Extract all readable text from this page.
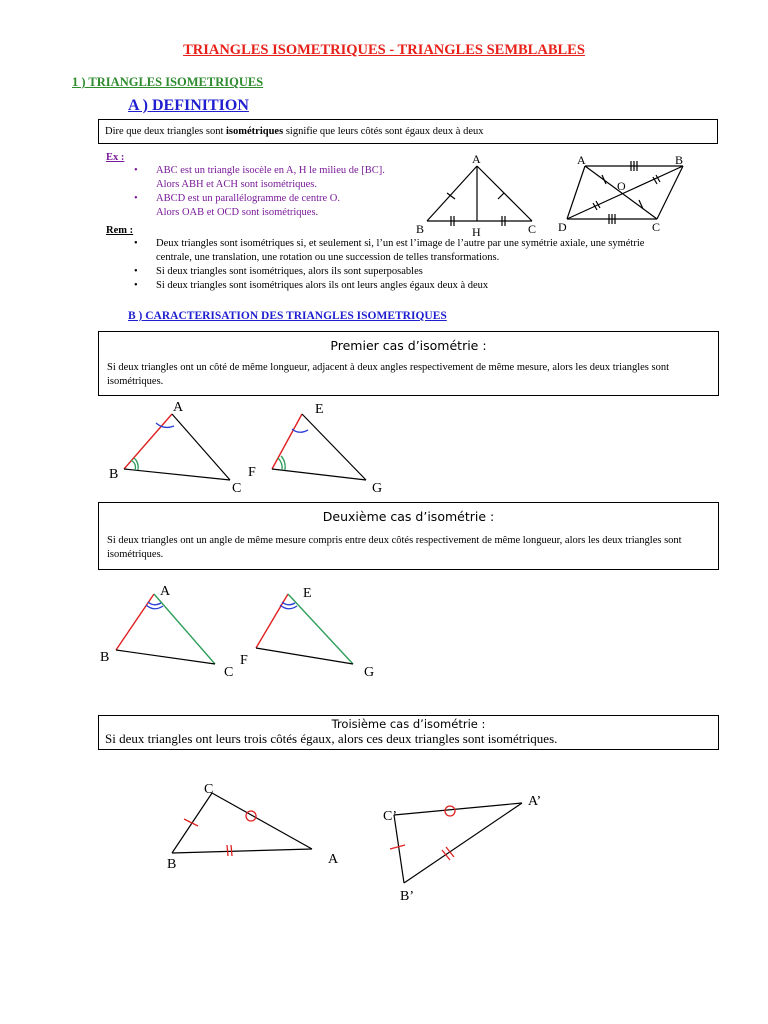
TRIANGLES ISOMETRIQUES - TRIANGLES SEMBLABLES
1 ) TRIANGLES ISOMETRIQUES
A ) DEFINITION
Dire que deux triangles sont isométriques signifie que leurs côtés sont égaux deux à deux
Ex :
• ABC est un triangle isocèle en A, H le milieu de [BC].
Alors ABH et ACH sont isométriques.
• ABCD est un parallélogramme de centre O.
Alors OAB et OCD sont isométriques.
A
B	H	C
A	B
O
D	C
Rem :
• Deux triangles sont isométriques si, et seulement si, l’un est l’image de l’autre par une symétrie axiale, une symétrie
centrale, une translation, une rotation ou une succession de telles transformations.
• Si deux triangles sont isométriques, alors ils sont superposables
• Si deux triangles sont isométriques alors ils ont leurs angles égaux deux à deux
B ) CARACTERISATION DES TRIANGLES ISOMETRIQUES
Premier cas d’isométrie :
Si deux triangles ont un côté de même longueur, adjacent à deux angles respectivement de même mesure, alors les deux triangles sont isométriques.
A
B
C
E
F
G
Deuxième cas d’isométrie :
Si deux triangles ont un angle de même mesure compris entre deux côtés respectivement de même longueur, alors les deux triangles sont isométriques.
A
B
C
E
F
G
Troisième cas d’isométrie :
Si deux triangles ont leurs trois côtés égaux, alors ces deux triangles sont isométriques.
C
B	A
C’
A’
B’
